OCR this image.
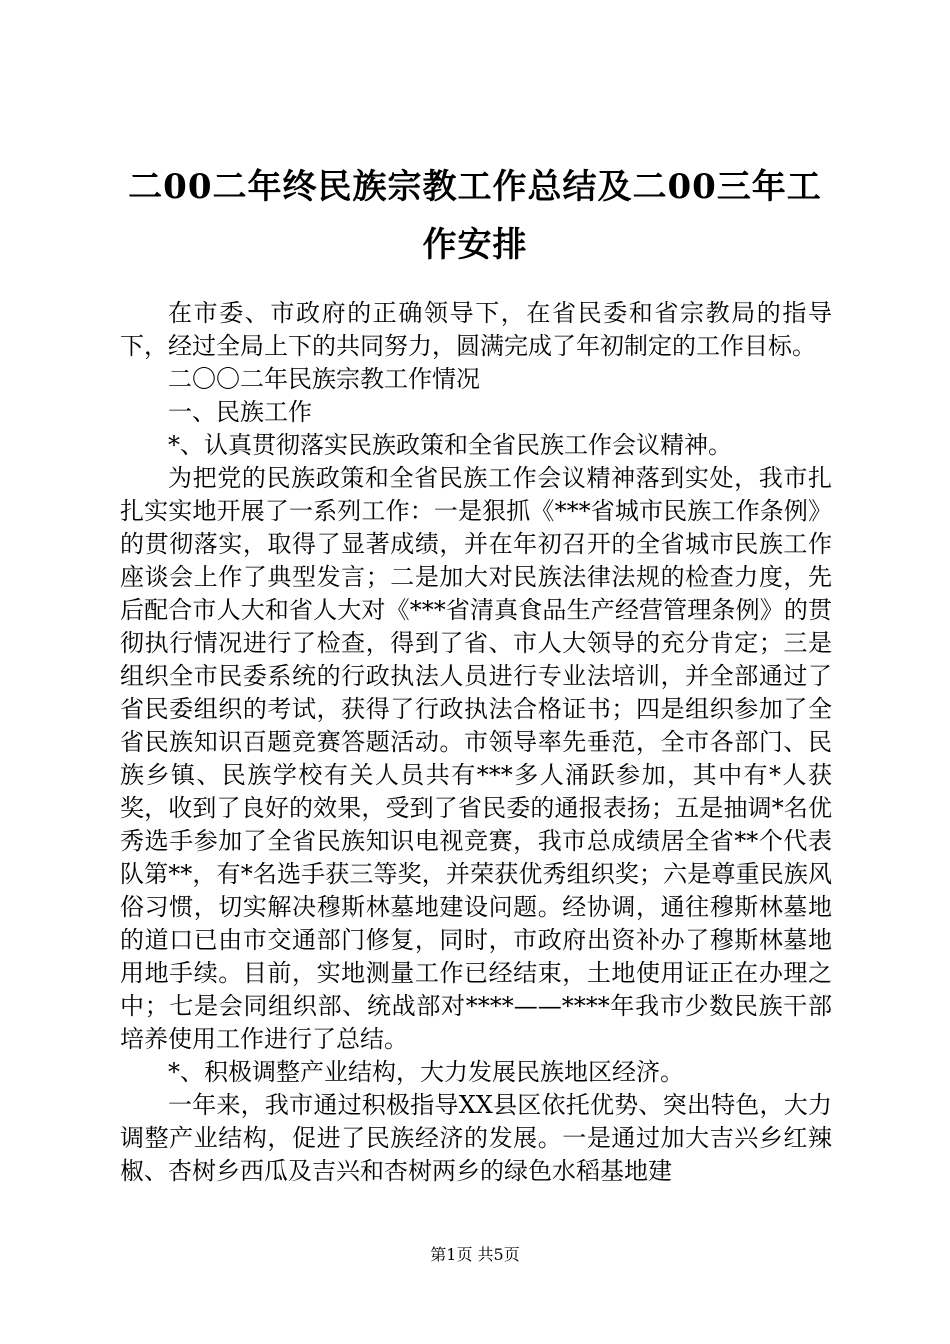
二00二年终民族宗教工作总结及二00三年工作安排

在市委、市政府的正确领导下，在省民委和省宗教局的指导下，经过全局上下的共同努力，圆满完成了年初制定的工作目标。

二〇〇二年民族宗教工作情况

一、民族工作

*、认真贯彻落实民族政策和全省民族工作会议精神。

为把党的民族政策和全省民族工作会议精神落到实处，我市扎扎实实地开展了一系列工作：一是狠抓《***省城市民族工作条例》的贯彻落实，取得了显著成绩，并在年初召开的全省城市民族工作座谈会上作了典型发言；二是加大对民族法律法规的检查力度，先后配合市人大和省人大对《***省清真食品生产经营管理条例》的贯彻执行情况进行了检查，得到了省、市人大领导的充分肯定；三是组织全市民委系统的行政执法人员进行专业法培训，并全部通过了省民委组织的考试，获得了行政执法合格证书；四是组织参加了全省民族知识百题竞赛答题活动。市领导率先垂范，全市各部门、民族乡镇、民族学校有关人员共有***多人涌跃参加，其中有*人获奖，收到了良好的效果，受到了省民委的通报表扬；五是抽调*名优秀选手参加了全省民族知识电视竞赛，我市总成绩居全省**个代表队第**，有*名选手获三等奖，并荣获优秀组织奖；六是尊重民族风俗习惯，切实解决穆斯林墓地建设问题。经协调，通往穆斯林墓地的道口已由市交通部门修复，同时，市政府出资补办了穆斯林墓地用地手续。目前，实地测量工作已经结束，土地使用证正在办理之中；七是会同组织部、统战部对****——****年我市少数民族干部培养使用工作进行了总结。

*、积极调整产业结构，大力发展民族地区经济。

一年来，我市通过积极指导XX县区依托优势、突出特色，大力调整产业结构，促进了民族经济的发展。一是通过加大吉兴乡红辣椒、杏树乡西瓜及吉兴和杏树两乡的绿色水稻基地建

第1页 共5页
